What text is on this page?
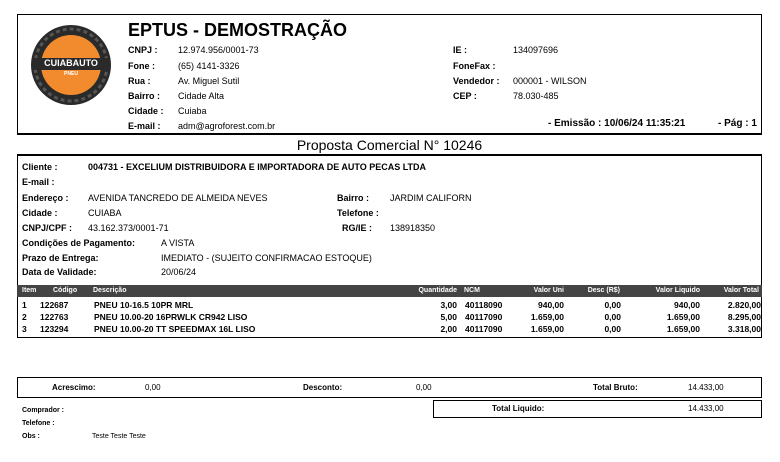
CUIABAUTO
PNEU
EPTUS - DEMOSTRAÇÃO
CNPJ : 12.974.956/0001-73
Fone :	(65) 4141-3326
Rua :	Av. Miguel Sutil
Bairro : Cidade Alta
Cidade : Cuiaba
E-mail : adm@agroforest.com.br
IE :	134097696
FoneFax :
Vendedor : 000001 - WILSON
CEP :	78.030-485
- Emissão : 10/06/24 11:35:21	- Pág : 1
Proposta Comercial N° 10246
Cliente :	004731 - EXCELIUM DISTRIBUIDORA E IMPORTADORA DE AUTO PECAS LTDA
E-mail :
Endereço : AVENIDA TANCREDO DE ALMEIDA NEVES	Bairro : JARDIM CALIFORN
Cidade :	CUIABA	Telefone :
CNPJ/CPF : 43.162.373/0001-71	RG/IE : 138918350
Condições de Pagamento:	A VISTA
Prazo de Entrega:	IMEDIATO - (SUJEITO CONFIRMACAO ESTOQUE)
Data de Validade:	20/06/24
Item Código Descrição	Quantidade NCM	Valor Uni	Desc (R$)	Valor Liquido	Valor Total
1 122687	PNEU 10-16.5 10PR MRL	3,00 40118090	940,00	0,00	940,00	2.820,00
2 122763	PNEU 10.00-20 16PRWLK CR942 LISO	5,00 40117090	1.659,00	0,00	1.659,00	8.295,00
3 123294	PNEU 10.00-20 TT SPEEDMAX 16L LISO	2,00 40117090	1.659,00	0,00	1.659,00	3.318,00
Acrescimo:	0,00	Desconto:	0,00	Total Bruto:	14.433,00
Total Liquido:	14.433,00
Comprador :
Telefone :
Obs :	Teste Teste Teste
